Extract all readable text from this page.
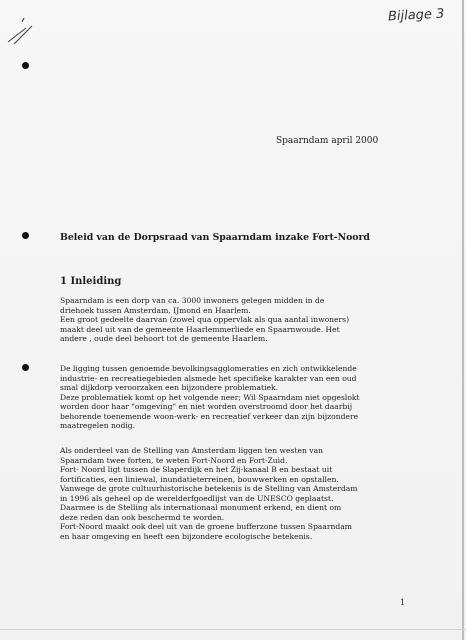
Bijlage 3
Spaarndam april 2000
Beleid van de Dorpsraad van Spaarndam inzake Fort-Noord
1 Inleiding
Spaarndam is een dorp van ca. 3000 inwoners gelegen midden in de
driehoek tussen Amsterdam, IJmond en Haarlem.
Een groot gedeelte daarvan (zowel qua oppervlak als qua aantal inwoners)
maakt deel uit van de gemeente Haarlemmerliede en Spaarnwoude. Het
andere , oude deel behoort tot de gemeente Haarlem.
De ligging tussen genoemde bevolkingsagglomeraties en zich ontwikkelende
industrie- en recreatiegebieden alsmede het specifieke karakter van een oud
smal dijkdorp veroorzaken een bijzondere problematiek.
Deze problematiek komt op het volgende neer; Wil Spaarndam niet opgeslokt
worden door haar "omgeving" en niet worden overstroomd door het daarbij
behorende toenemende woon-werk- en recreatief verkeer dan zijn bijzondere
maatregelen nodig.
Als onderdeel van de Stelling van Amsterdam liggen ten westen van
Spaarndam twee forten, te weten Fort-Noord en Fort-Zuid.
Fort- Noord ligt tussen de Slaperdijk en het Zij-kanaal B en bestaat uit
fortificaties, een liniewal, inundatieterreinen, bouwwerken en opstallen.
Vanwege de grote cultuurhistorische betekenis is de Stelling van Amsterdam
in 1996 als geheel op de werelderfgoedlijst van de UNESCO geplaatst.
Daarmee is de Stelling als internationaal monument erkend, en dient om
deze reden dan ook beschermd te worden.
Fort-Noord maakt ook deel uit van de groene bufferzone tussen Spaarndam
en haar omgeving en heeft een bijzondere ecologische betekenis.
1
